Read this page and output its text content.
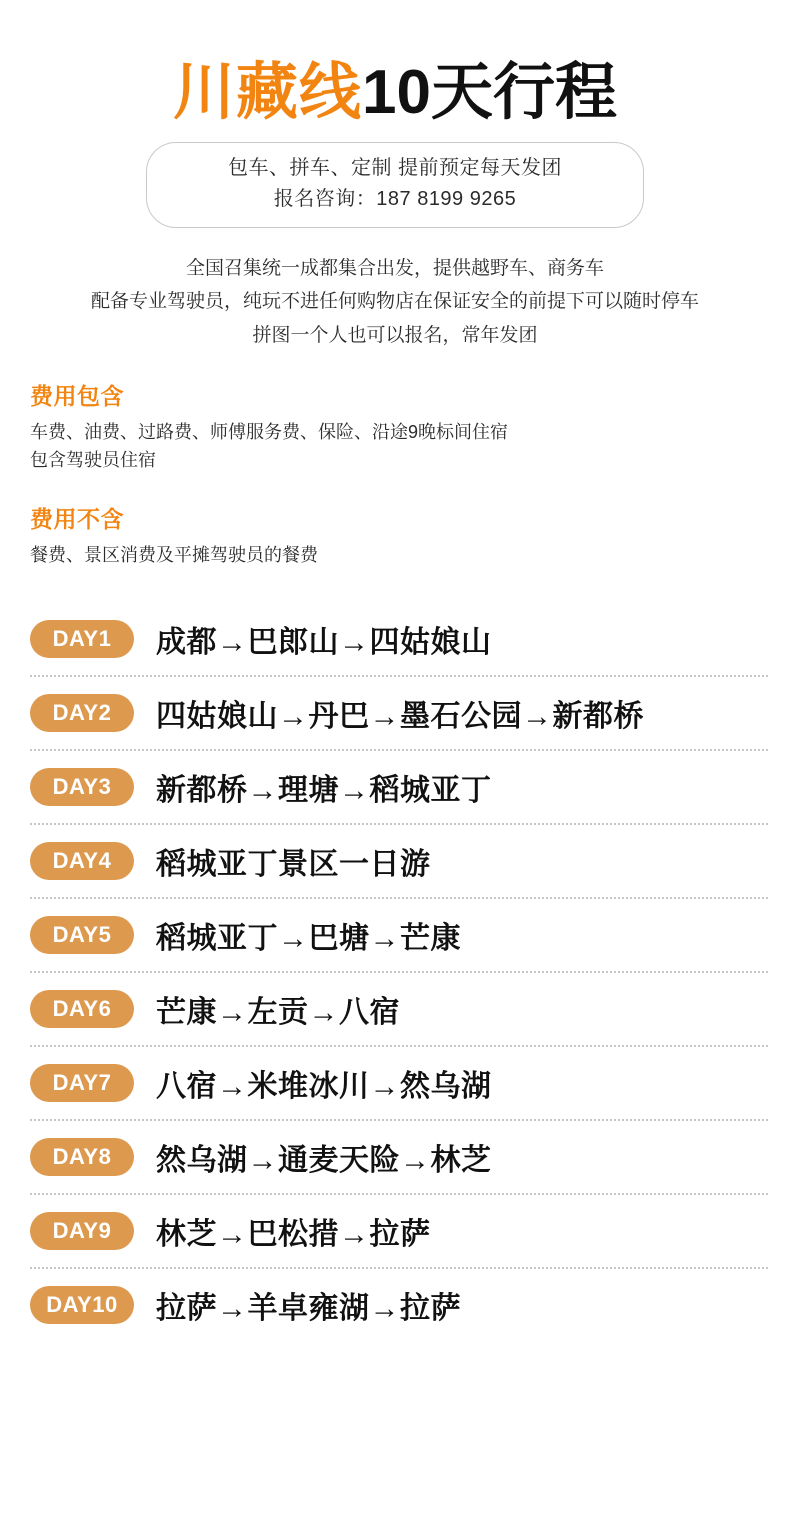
川藏线 10天行程
包车、拼车、定制 提前预定每天发团
报名咨询：187 8199 9265
全国召集统一成都集合出发，提供越野车、商务车
配备专业驾驶员，纯玩不进任何购物店在保证安全的前提下可以随时停车
拼图一个人也可以报名，常年发团
费用包含
车费、油费、过路费、师傅服务费、保险、沿途9晚标间住宿
包含驾驶员住宿
费用不含
餐费、景区消费及平摊驾驶员的餐费
DAY1	成都→巴郎山→四姑娘山
DAY2	四姑娘山→丹巴→墨石公园→新都桥
DAY3	新都桥→理塘→稻城亚丁
DAY4	稻城亚丁景区一日游
DAY5	稻城亚丁→巴塘→芒康
DAY6	芒康→左贡→八宿
DAY7	八宿→米堆冰川→然乌湖
DAY8	然乌湖→通麦天险→林芝
DAY9	林芝→巴松措→拉萨
DAY10	拉萨→羊卓雍湖→拉萨
